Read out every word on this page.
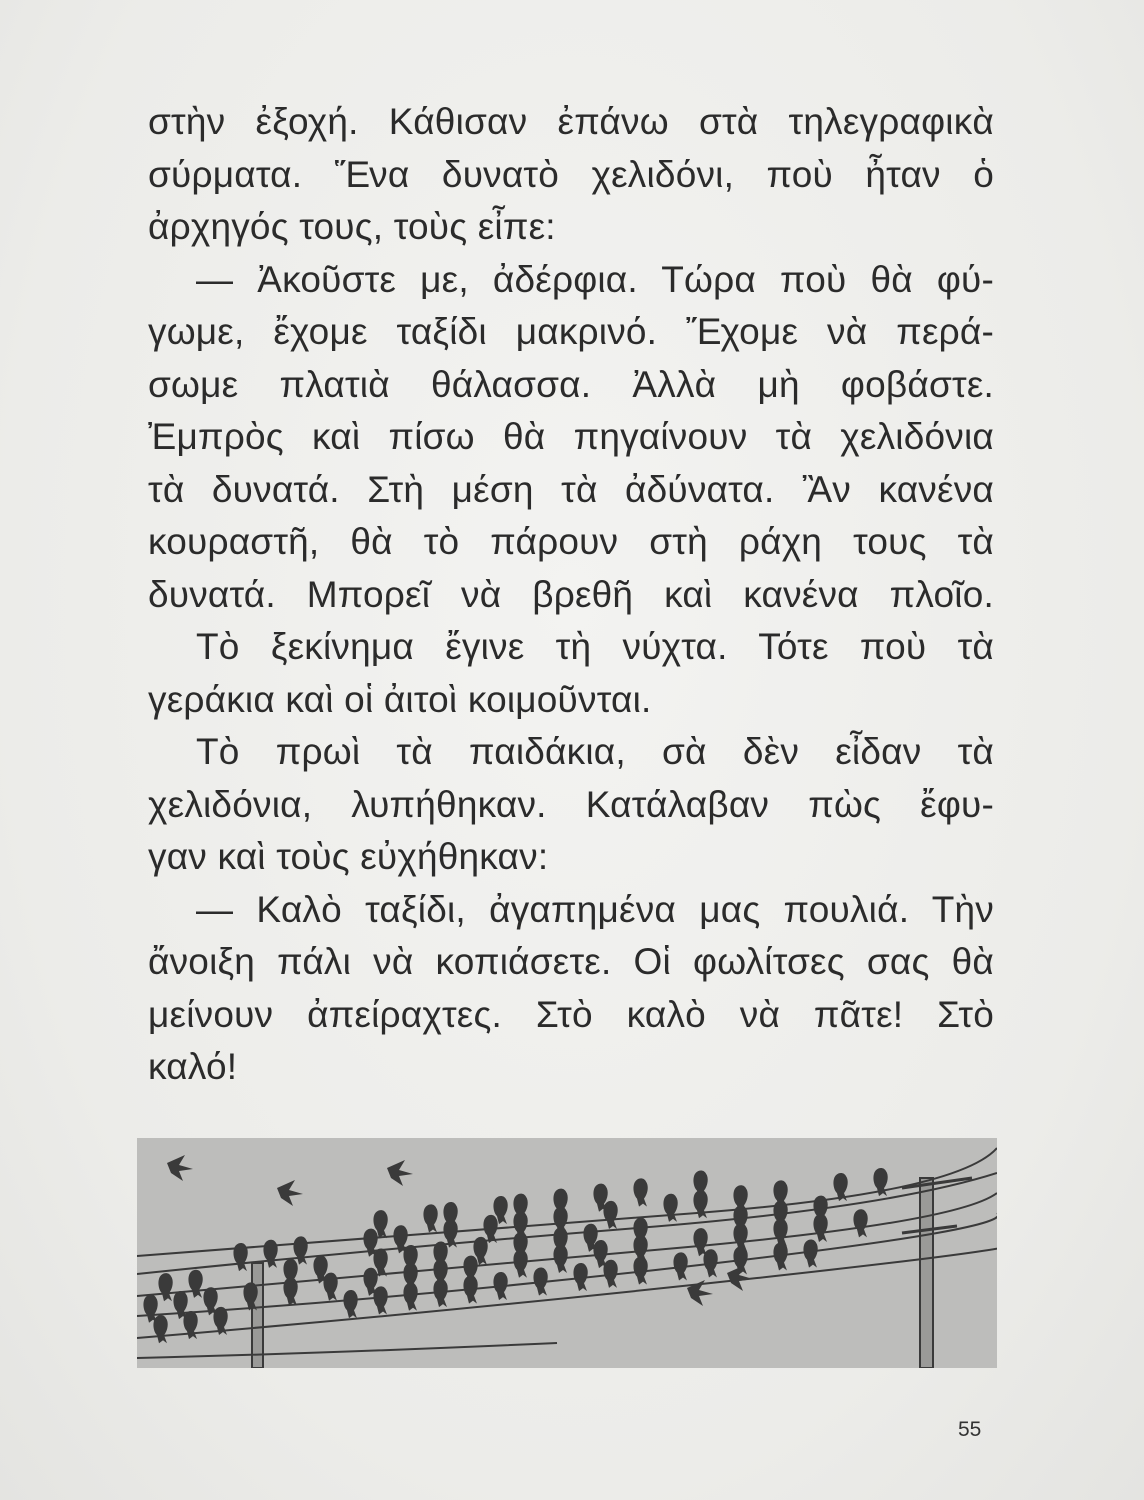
στὴν ἐξοχή. Κάθισαν ἐπάνω στὰ τηλεγραφικὰ
σύρματα. Ἕνα δυνατὸ χελιδόνι, ποὺ ἦταν ὁ
ἀρχηγός τους, τοὺς εἶπε:
— Ἀκοῦστε με, ἀδέρφια. Τώρα ποὺ θὰ φύ-
γωμε, ἔχομε ταξίδι μακρινό. Ἔχομε νὰ περά-
σωμε πλατιὰ θάλασσα. Ἀλλὰ μὴ φοβάστε.
Ἐμπρὸς καὶ πίσω θὰ πηγαίνουν τὰ χελιδόνια
τὰ δυνατά. Στὴ μέση τὰ ἀδύνατα. Ἂν κανένα
κουραστῆ, θὰ τὸ πάρουν στὴ ράχη τους τὰ
δυνατά. Μπορεῖ νὰ βρεθῆ καὶ κανένα πλοῖο.
Τὸ ξεκίνημα ἔγινε τὴ νύχτα. Τότε ποὺ τὰ
γεράκια καὶ οἱ ἀιτοὶ κοιμοῦνται.
Τὸ πρωὶ τὰ παιδάκια, σὰ δὲν εἶδαν τὰ
χελιδόνια, λυπήθηκαν. Κατάλαβαν πὼς ἔφυ-
γαν καὶ τοὺς εὐχήθηκαν:
— Καλὸ ταξίδι, ἀγαπημένα μας πουλιά. Τὴν
ἄνοιξη πάλι νὰ κοπιάσετε. Οἱ φωλίτσες σας θὰ
μείνουν ἀπείραχτες. Στὸ καλὸ νὰ πᾶτε! Στὸ
καλό!
55
